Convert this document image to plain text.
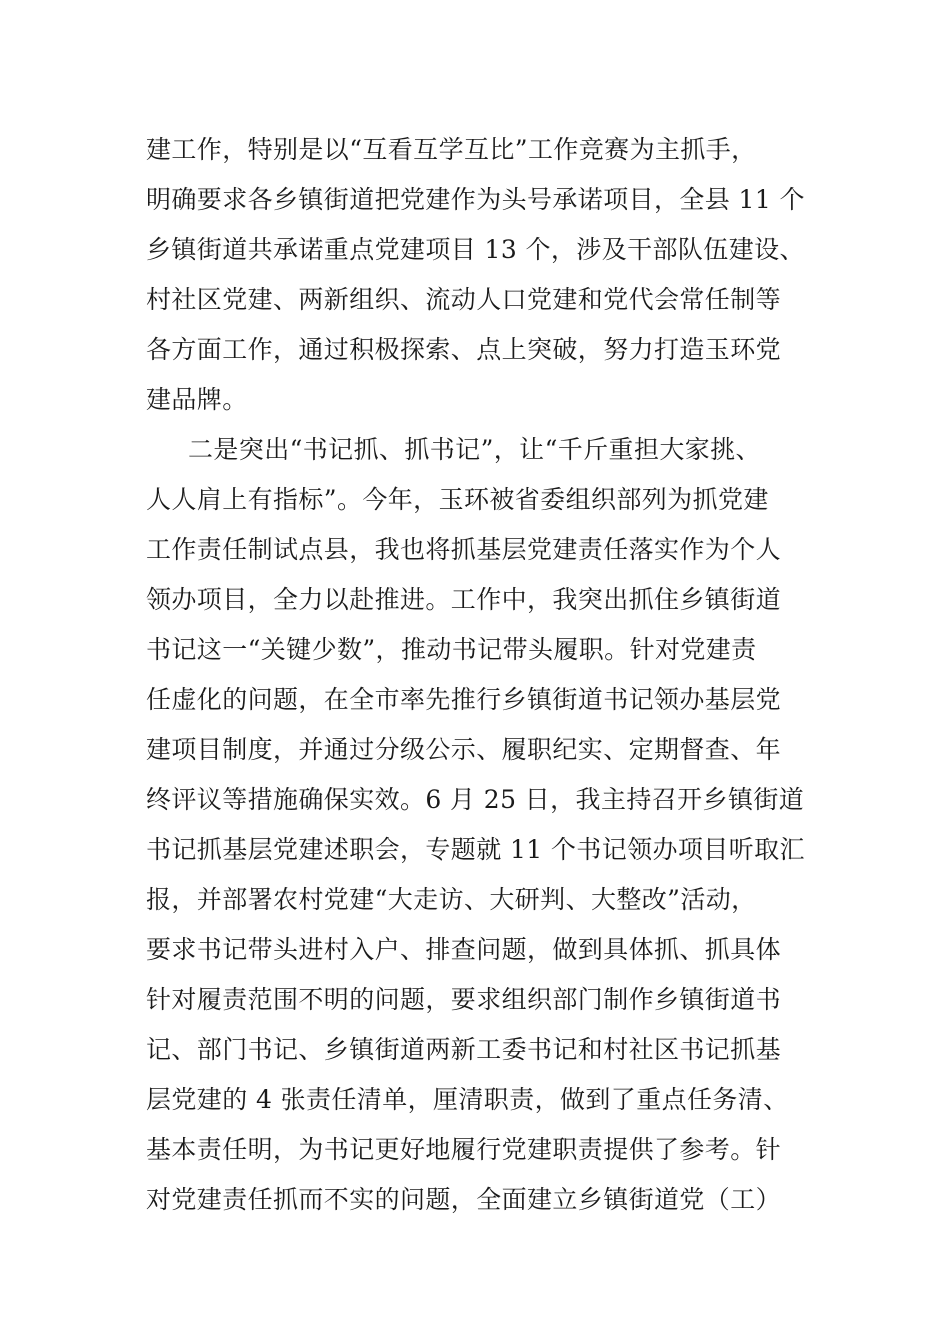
建工作，特别是以“互看互学互比”工作竞赛为主抓手，
明确要求各乡镇街道把党建作为头号承诺项目，全县 11 个
乡镇街道共承诺重点党建项目 13 个，涉及干部队伍建设、
村社区党建、两新组织、流动人口党建和党代会常任制等
各方面工作，通过积极探索、点上突破，努力打造玉环党
建品牌。
二是突出“书记抓、抓书记”，让“千斤重担大家挑、
人人肩上有指标”。今年，玉环被省委组织部列为抓党建
工作责任制试点县，我也将抓基层党建责任落实作为个人
领办项目，全力以赴推进。工作中，我突出抓住乡镇街道
书记这一“关键少数”，推动书记带头履职。针对党建责
任虚化的问题，在全市率先推行乡镇街道书记领办基层党
建项目制度，并通过分级公示、履职纪实、定期督查、年
终评议等措施确保实效。6 月 25 日，我主持召开乡镇街道
书记抓基层党建述职会，专题就 11 个书记领办项目听取汇
报，并部署农村党建“大走访、大研判、大整改”活动，
要求书记带头进村入户、排查问题，做到具体抓、抓具体
针对履责范围不明的问题，要求组织部门制作乡镇街道书
记、部门书记、乡镇街道两新工委书记和村社区书记抓基
层党建的 4 张责任清单，厘清职责，做到了重点任务清、
基本责任明，为书记更好地履行党建职责提供了参考。针
对党建责任抓而不实的问题，全面建立乡镇街道党（工）
